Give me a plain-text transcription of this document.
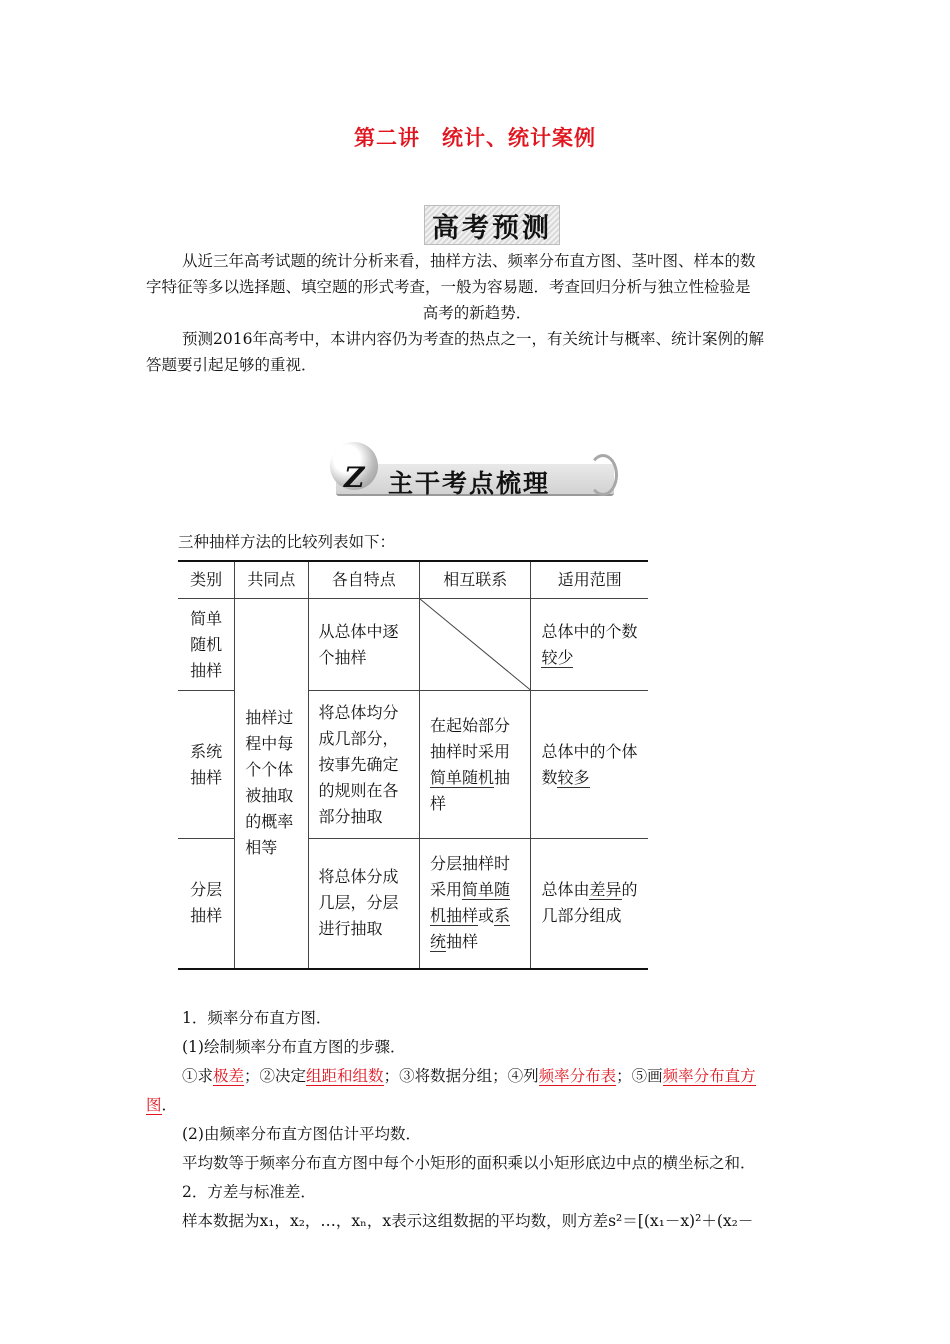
第二讲　统计、统计案例
高考预测
从近三年高考试题的统计分析来看，抽样方法、频率分布直方图、茎叶图、样本的数
字特征等多以选择题、填空题的形式考查，一般为容易题．考查回归分析与独立性检验是
高考的新趋势．
预测2016年高考中，本讲内容仍为考查的热点之一，有关统计与概率、统计案例的解
答题要引起足够的重视．
Z 主干考点梳理
三种抽样方法的比较列表如下：
类别	共同点	各自特点	相互联系	适用范围
简单随机抽样	抽样过程中每个个体被抽取的概率相等	从总体中逐个抽样		总体中的个数较少
系统抽样		将总体均分成几部分，按事先确定的规则在各部分抽取	在起始部分抽样时采用简单随机抽样	总体中的个体数较多
分层抽样		将总体分成几层，分层进行抽取	分层抽样时采用简单随机抽样或系统抽样	总体由差异的几部分组成
1．频率分布直方图．
(1)绘制频率分布直方图的步骤．
①求极差；②决定组距和组数；③将数据分组；④列频率分布表；⑤画频率分布直方
图．
(2)由频率分布直方图估计平均数．
平均数等于频率分布直方图中每个小矩形的面积乘以小矩形底边中点的横坐标之和．
2．方差与标准差．
样本数据为x₁，x₂，…，xₙ，x表示这组数据的平均数，则方差s²＝[(x₁－x)²＋(x₂－
